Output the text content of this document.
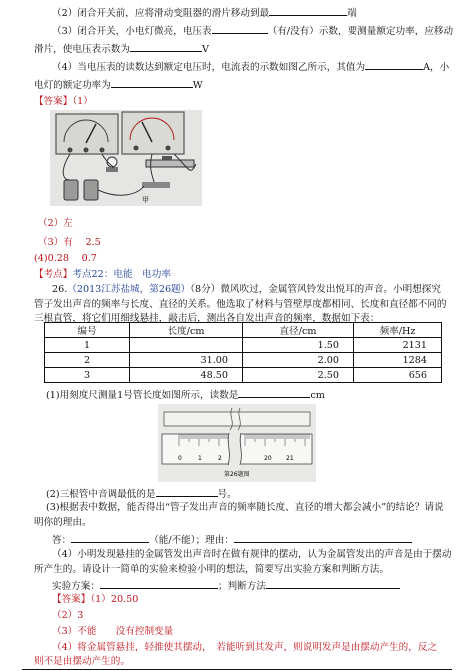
（2）闭合开关前，应将滑动变阻器的滑片移动到最	端
（3）闭合开关，小电灯微亮，电压表	（有/没有）示数，要测量额定功率，应移动
滑片，使电压表示数为	V
（4）当电压表的读数达到额定电压时，电流表的示数如图乙所示，其值为	A，小
电灯的额定功率为	W
【答案】（1）
甲
（2）左
（3）有　 2.5
(4)0.28　 0.7
【考点】考点22：电能　电功率
26.（2013江苏盐城，第26题）（8分）微风吹过，金属管风铃发出悦耳的声音。小明想探究
管子发出声音的频率与长度、直径的关系。他选取了材料与管壁厚度都相同、长度和直径都不同的
三根直管，将它们用细线悬挂，敲击后，测出各自发出声音的频率，数据如下表：
编号	长度/cm	直径/cm	频率/Hz
1		1.50	2131
2	31.00	2.00	1284
3	48.50	2.50	656
(1)用刻度尺测量1号管长度如图所示，读数是	cm
0	1	2	20 21
第26题图
(2)三根管中音调最低的是	号。
(3)根据表中数据，能否得出“管子发出声音的频率随长度、直径的增大都会减小”的结论？请说
明你的理由。
答：	（能/不能）；理由：
（4）小明发现悬挂的金属管发出声音时在做有规律的摆动，认为金属管发出的声音是由于摆动
所产生的。请设计一简单的实验来检验小明的想法，简要写出实验方案和判断方法。
实验方案：	；判断方法
【答案】（1）20.50
（2）3
（3）不能　　没有控制变量
（4）将金属管悬挂，轻推使其摆动，　若能听到其发声，则说明发声是由摆动产生的，反之
则不是由摆动产生的。
